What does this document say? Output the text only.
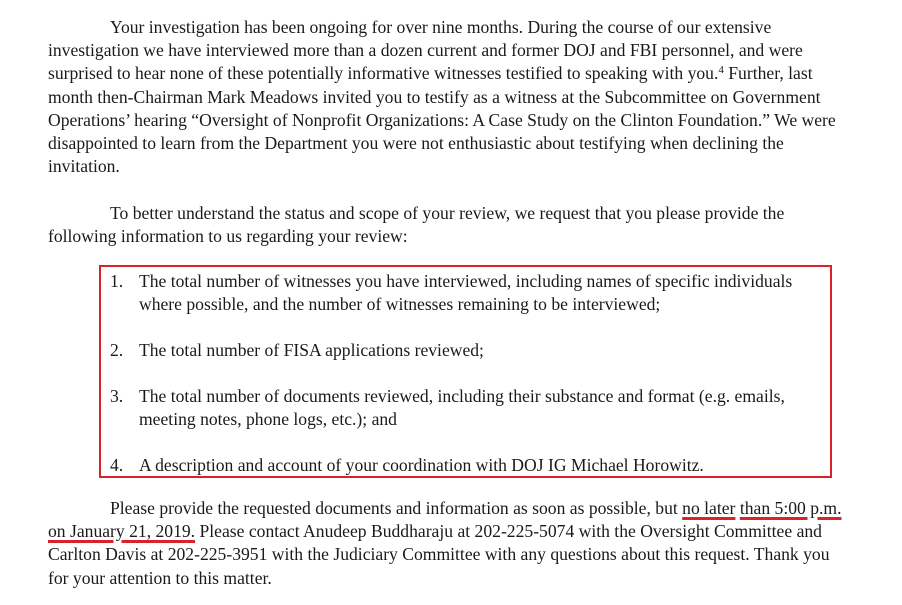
Your investigation has been ongoing for over nine months. During the course of our extensive investigation we have interviewed more than a dozen current and former DOJ and FBI personnel, and were surprised to hear none of these potentially informative witnesses testified to speaking with you.$^4$ Further, last month then-Chairman Mark Meadows invited you to testify as a witness at the Subcommittee on Government Operations’ hearing “Oversight of Nonprofit Organizations: A Case Study on the Clinton Foundation.” We were disappointed to learn from the Department you were not enthusiastic about testifying when declining the invitation.

To better understand the status and scope of your review, we request that you please provide the following information to us regarding your review:

1. The total number of witnesses you have interviewed, including names of specific individuals where possible, and the number of witnesses remaining to be interviewed;
2. The total number of FISA applications reviewed;
3. The total number of documents reviewed, including their substance and format (e.g. emails, meeting notes, phone logs, etc.); and
4. A description and account of your coordination with DOJ IG Michael Horowitz.

Please provide the requested documents and information as soon as possible, but no later than 5:00 p.m. on January 21, 2019. Please contact Anudeep Buddharaju at 202-225-5074 with the Oversight Committee and Carlton Davis at 202-225-3951 with the Judiciary Committee with any questions about this request. Thank you for your attention to this matter.
